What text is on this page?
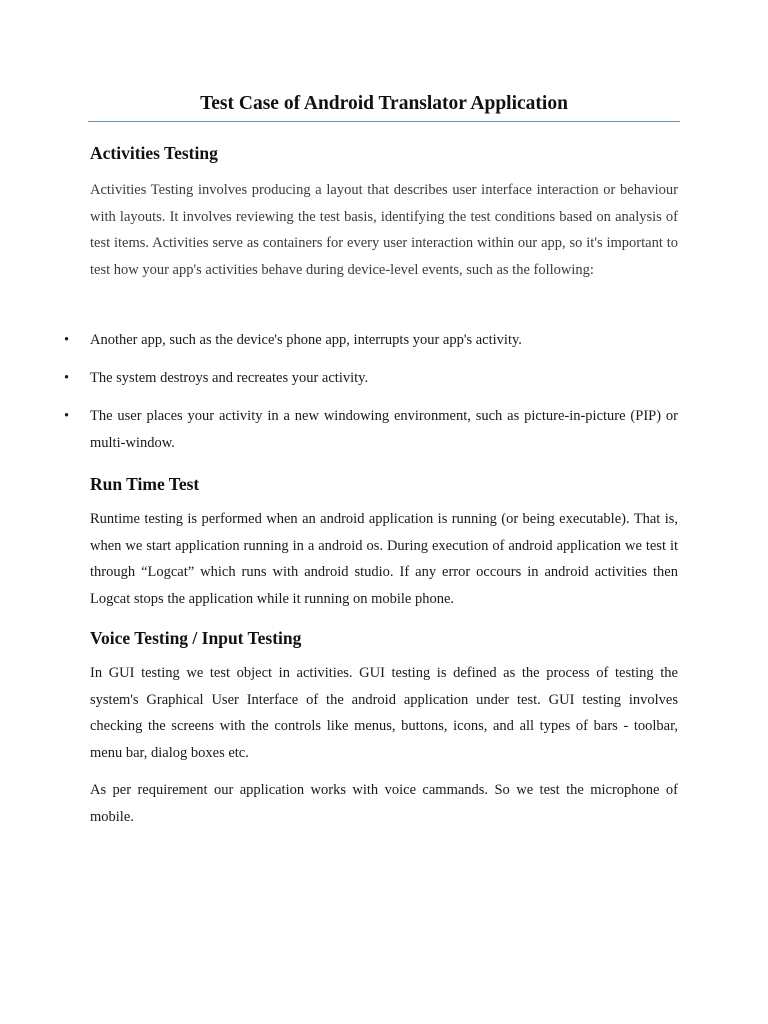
Test Case of Android Translator Application
Activities Testing

Activities Testing involves producing a layout that describes user interface interaction or behaviour with layouts. It involves reviewing the test basis, identifying the test conditions based on analysis of test items. Activities serve as containers for every user interaction within our app, so it's important to test how your app's activities behave during device-level events, such as the following:

•	Another app, such as the device's phone app, interrupts your app's activity.

•	The system destroys and recreates your activity.

•	The user places your activity in a new windowing environment, such as picture-in-picture (PIP) or multi-window.

Run Time Test

Runtime testing is performed when an android application is running (or being executable). That is, when we start application running in a android os. During execution of android application we test it through “Logcat” which runs with android studio. If any error occours in android activities then Logcat stops the application while it running on mobile phone.

Voice Testing / Input Testing

In GUI testing we test object in activities. GUI testing is defined as the process of testing the system's Graphical User Interface of the android application under test. GUI testing involves checking the screens with the controls like menus, buttons, icons, and all types of bars - toolbar, menu bar, dialog boxes etc.

As per requirement our application works with voice cammands. So we test the microphone of mobile.
